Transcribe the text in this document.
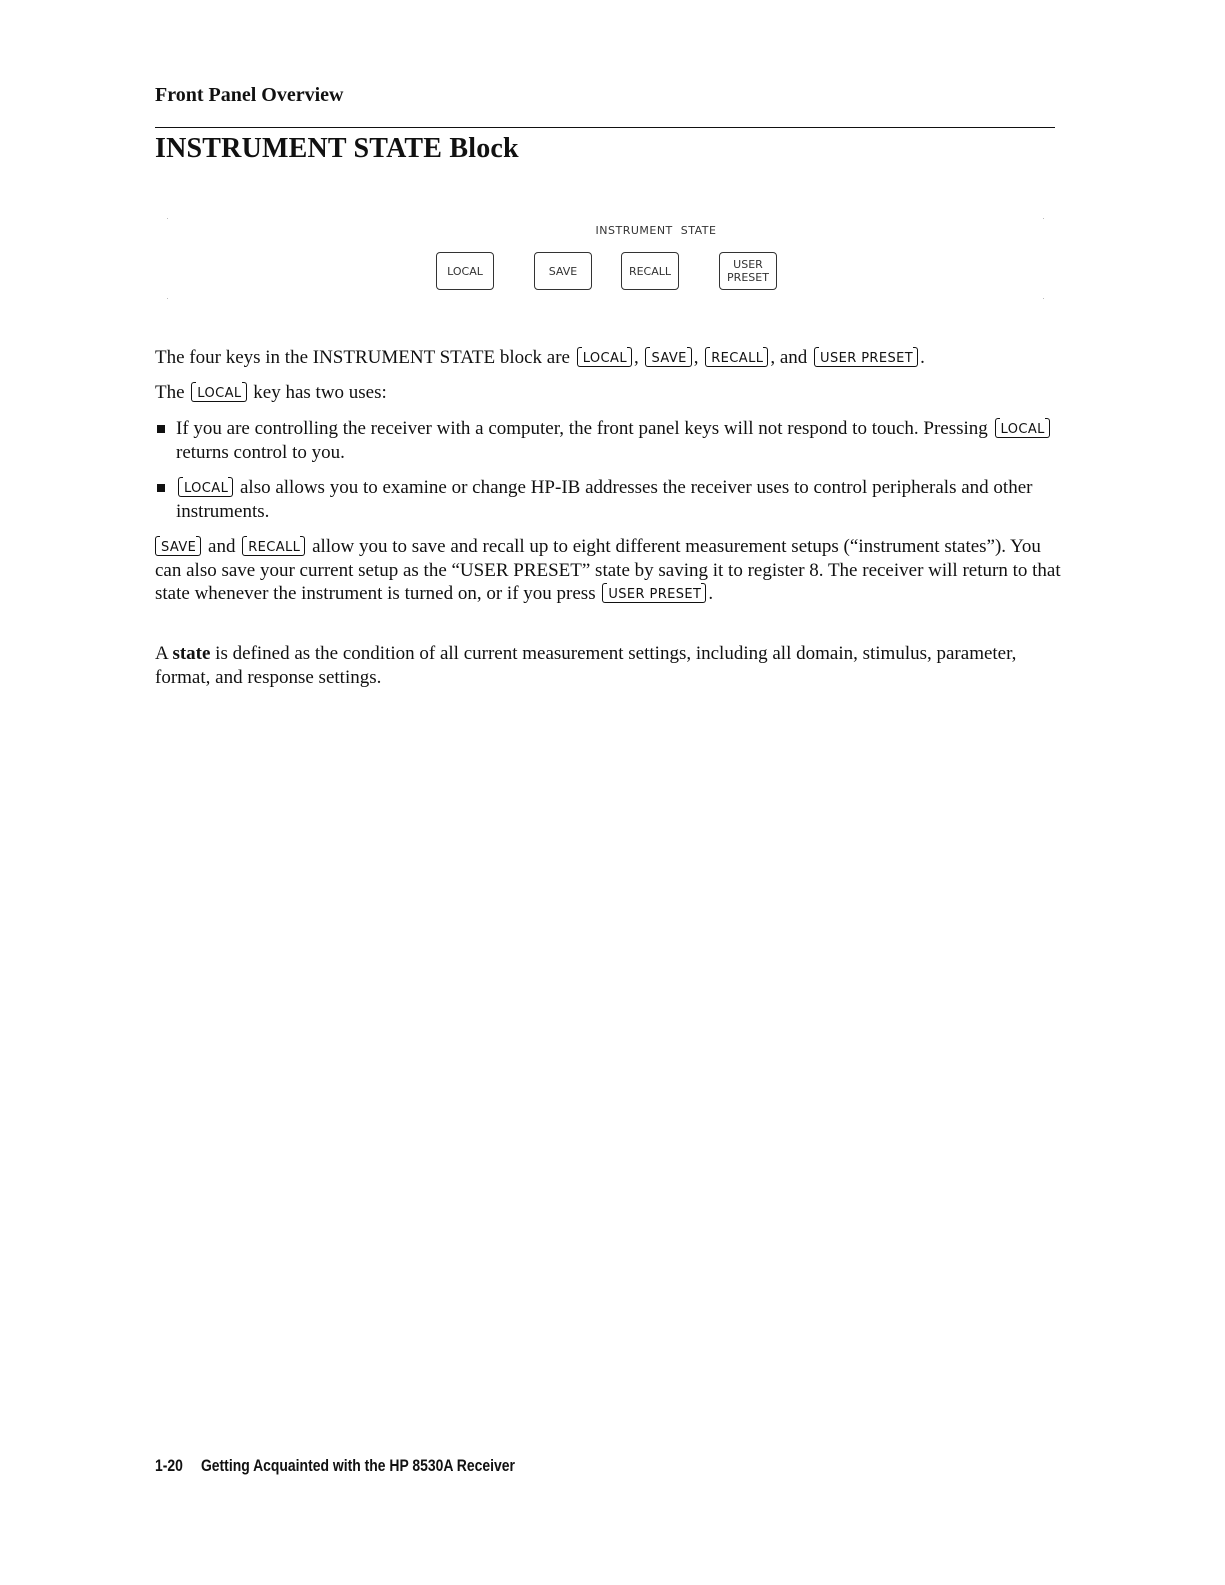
Front Panel Overview
INSTRUMENT STATE Block
INSTRUMENT STATE
LOCAL	SAVE	RECALL	USER
PRESET
The four keys in the INSTRUMENT STATE block are LOCAL , SAVE , RECALL , and USER PRESET .
The LOCAL key has two uses:
If you are controlling the receiver with a computer, the front panel keys will not respond to touch. Pressing LOCAL returns control to you.
LOCAL also allows you to examine or change HP-IB addresses the receiver uses to control peripherals and other instruments.
SAVE and RECALL allow you to save and recall up to eight different measurement setups (“instrument states”). You can also save your current setup as the “USER PRESET” state by saving it to register 8. The receiver will return to that state whenever the instrument is turned on, or if you press USER PRESET .
A state is defined as the condition of all current measurement settings, including all domain, stimulus, parameter, format, and response settings.
1-20 Getting Acquainted with the HP 8530A Receiver
